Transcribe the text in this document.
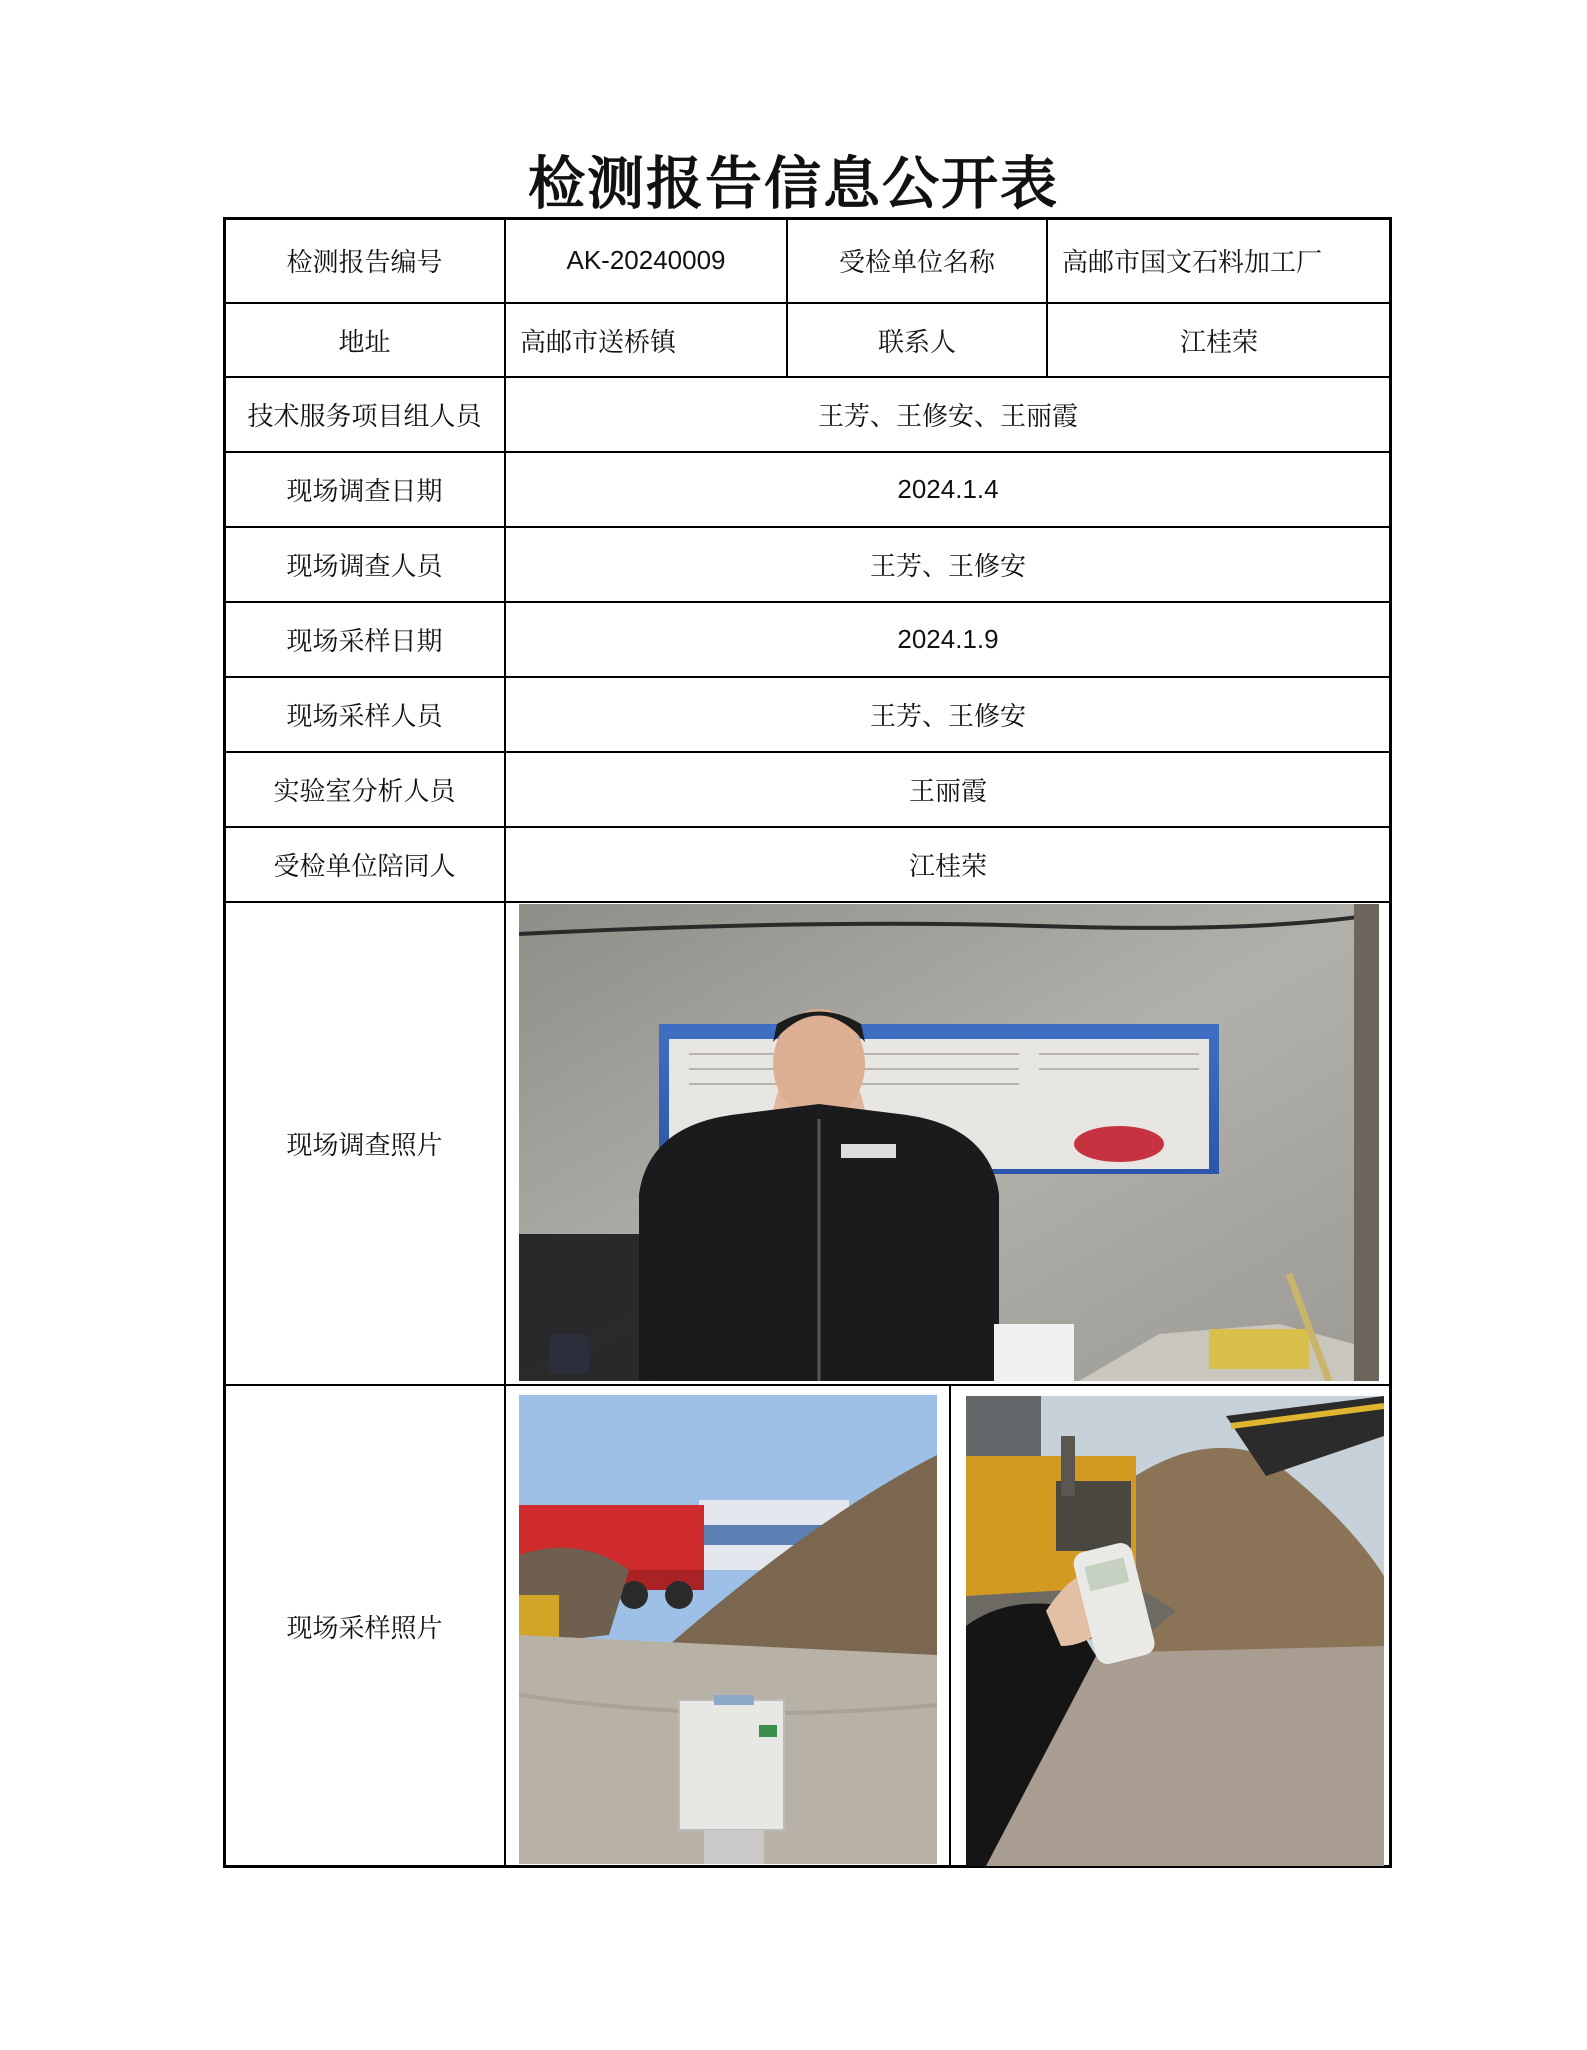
检测报告信息公开表
检测报告编号	AK-20240009	受检单位名称	高邮市国文石料加工厂
地址	高邮市送桥镇	联系人	江桂荣
技术服务项目组人员	王芳、王修安、王丽霞
现场调查日期	2024.1.4
现场调查人员	王芳、王修安
现场采样日期	2024.1.9
现场采样人员	王芳、王修安
实验室分析人员	王丽霞
受检单位陪同人	江桂荣
现场调查照片
现场采样照片
